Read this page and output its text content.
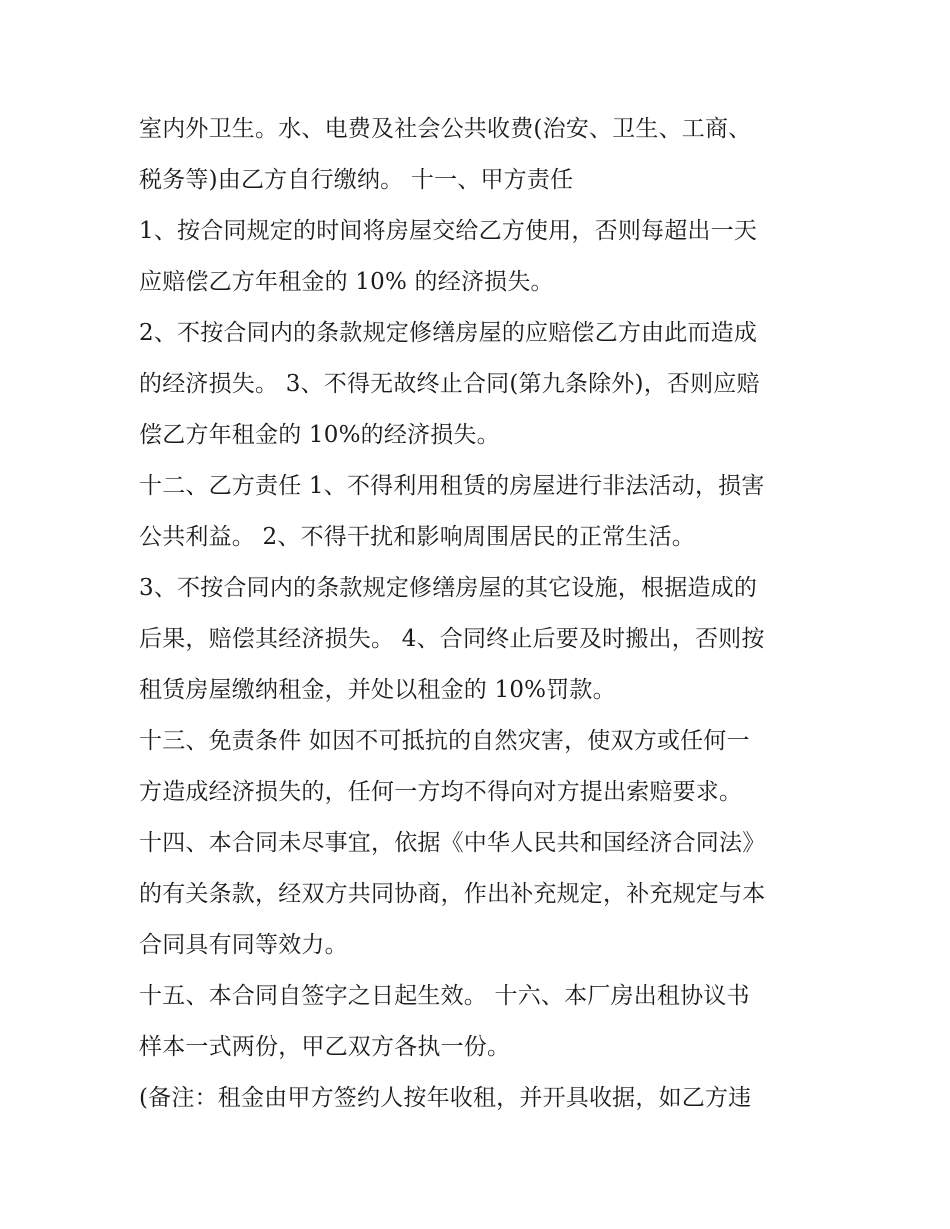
室内外卫生。水、电费及社会公共收费(治安、卫生、工商、
税务等)由乙方自行缴纳。 十一、甲方责任
1、按合同规定的时间将房屋交给乙方使用，否则每超出一天
应赔偿乙方年租金的 10% 的经济损失。
2、不按合同内的条款规定修缮房屋的应赔偿乙方由此而造成
的经济损失。 3、不得无故终止合同(第九条除外)，否则应赔
偿乙方年租金的 10%的经济损失。
十二、乙方责任 1、不得利用租赁的房屋进行非法活动，损害
公共利益。 2、不得干扰和影响周围居民的正常生活。
3、不按合同内的条款规定修缮房屋的其它设施，根据造成的
后果，赔偿其经济损失。 4、合同终止后要及时搬出，否则按
租赁房屋缴纳租金，并处以租金的 10%罚款。
十三、免责条件 如因不可抵抗的自然灾害，使双方或任何一
方造成经济损失的，任何一方均不得向对方提出索赔要求。
十四、本合同未尽事宜，依据《中华人民共和国经济合同法》
的有关条款，经双方共同协商，作出补充规定，补充规定与本
合同具有同等效力。
十五、本合同自签字之日起生效。 十六、本厂房出租协议书
样本一式两份，甲乙双方各执一份。
(备注：租金由甲方签约人按年收租，并开具收据，如乙方违
